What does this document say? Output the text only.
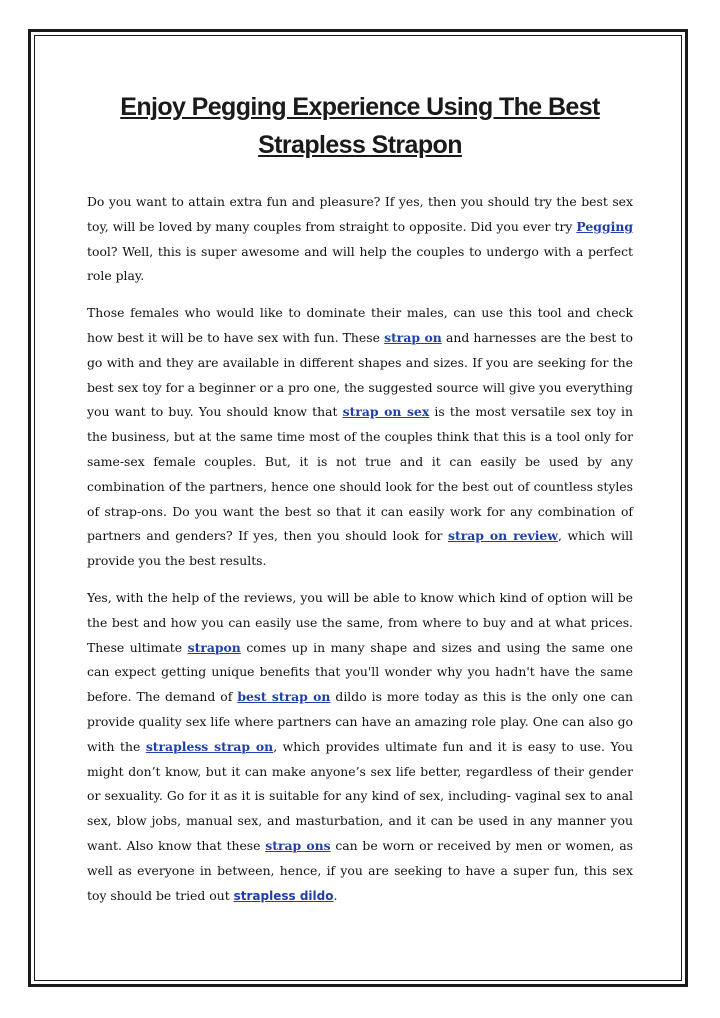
Enjoy Pegging Experience Using The Best Strapless Strapon

Do you want to attain extra fun and pleasure? If yes, then you should try the best sex toy, will be loved by many couples from straight to opposite. Did you ever try Pegging tool? Well, this is super awesome and will help the couples to undergo with a perfect role play.

Those females who would like to dominate their males, can use this tool and check how best it will be to have sex with fun. These strap on and harnesses are the best to go with and they are available in different shapes and sizes. If you are seeking for the best sex toy for a beginner or a pro one, the suggested source will give you everything you want to buy. You should know that strap on sex is the most versatile sex toy in the business, but at the same time most of the couples think that this is a tool only for same-sex female couples. But, it is not true and it can easily be used by any combination of the partners, hence one should look for the best out of countless styles of strap-ons. Do you want the best so that it can easily work for any combination of partners and genders? If yes, then you should look for strap on review, which will provide you the best results.

Yes, with the help of the reviews, you will be able to know which kind of option will be the best and how you can easily use the same, from where to buy and at what prices. These ultimate strapon comes up in many shape and sizes and using the same one can expect getting unique benefits that you'll wonder why you hadn't have the same before. The demand of best strap on dildo is more today as this is the only one can provide quality sex life where partners can have an amazing role play. One can also go with the strapless strap on, which provides ultimate fun and it is easy to use. You might don’t know, but it can make anyone’s sex life better, regardless of their gender or sexuality. Go for it as it is suitable for any kind of sex, including- vaginal sex to anal sex, blow jobs, manual sex, and masturbation, and it can be used in any manner you want. Also know that these strap ons can be worn or received by men or women, as well as everyone in between, hence, if you are seeking to have a super fun, this sex toy should be tried out strapless dildo.
